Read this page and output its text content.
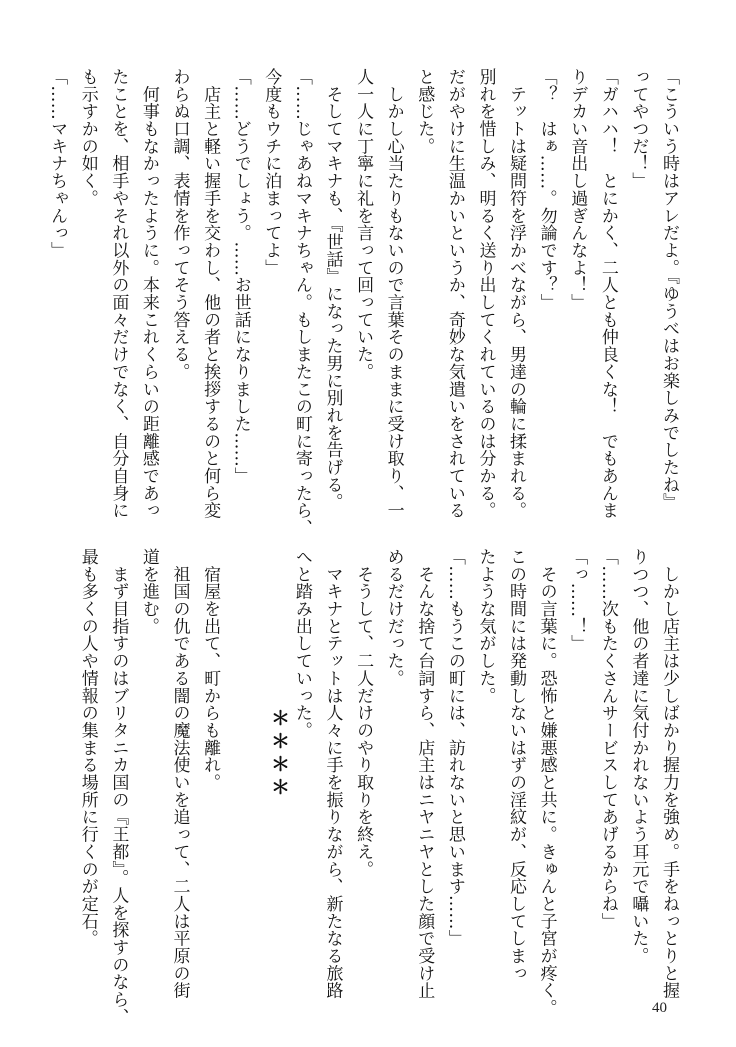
「こういう時はアレだよ。『ゆうべはお楽しみでしたね』

ってやつだ！」

「ガハハ！　とにかく、二人とも仲良くな！　でもあんま

りデカい音出し過ぎんなよ！」

「？　はぁ……。勿論です？」

　テットは疑問符を浮かべながら、男達の輪に揉まれる。

別れを惜しみ、明るく送り出してくれているのは分かる。

だがやけに生温かいというか、奇妙な気遣いをされている

と感じた。

　しかし心当たりもないので言葉そのままに受け取り、一

人一人に丁寧に礼を言って回っていた。

　そしてマキナも、『世話』になった男に別れを告げる。

「……じゃあねマキナちゃん。もしまたこの町に寄ったら、

今度もウチに泊まってよ」

「……どうでしょう。……お世話になりました……」

　店主と軽い握手を交わし、他の者と挨拶するのと何ら変

わらぬ口調、表情を作ってそう答える。

　何事もなかったように。本来これくらいの距離感であっ

たことを、相手やそれ以外の面々だけでなく、自分自身に

も示すかの如く。

「……マキナちゃんっ」

　しかし店主は少しばかり握力を強め。手をねっとりと握

りつつ、他の者達に気付かれないよう耳元で囁いた。

「……次もたくさんサービスしてあげるからね」

「っ……！」

　その言葉に。恐怖と嫌悪感と共に。きゅんと子宮が疼く。

この時間には発動しないはずの淫紋が、反応してしまっ

たような気がした。

「……もうこの町には、訪れないと思います……」

　そんな捨て台詞すら、店主はニヤニヤとした顔で受け止

めるだけだった。

　そうして、二人だけのやり取りを終え。

　マキナとテットは人々に手を振りながら、新たなる旅路

へと踏み出していった。

　宿屋を出て、町からも離れ。

　祖国の仇である闇の魔法使いを追って、二人は平原の街

道を進む。

　まず目指すのはブリタニカ国の『王都』。人を探すのなら、

最も多くの人や情報の集まる場所に行くのが定石。	＊＊＊＊
40
